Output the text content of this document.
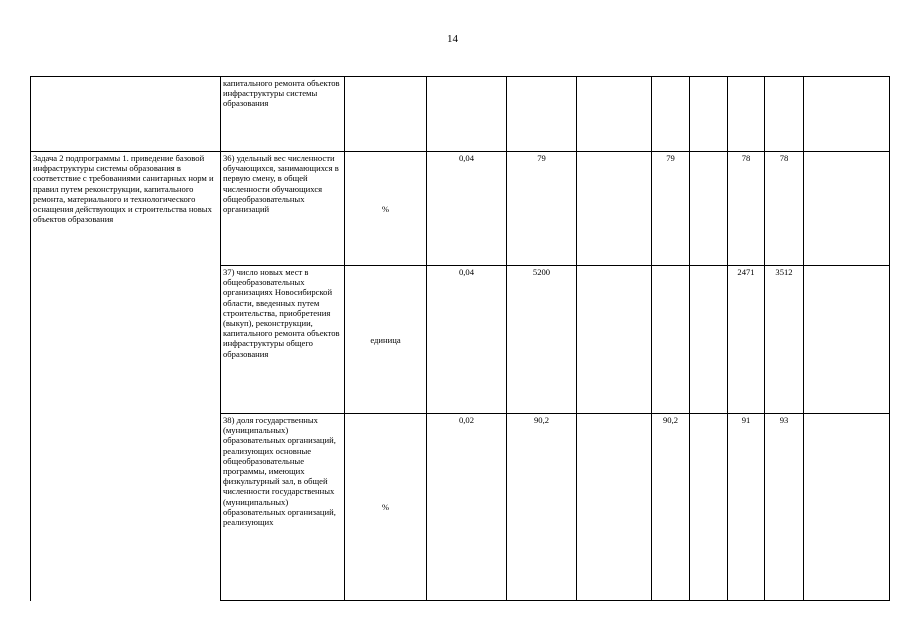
14
	капитального ремонта объектов инфраструктуры системы образования									
Задача 2 подпрограммы 1. приведение базовой инфраструктуры системы образования в соответствие с требованиями санитарных норм и правил путем реконструкции, капитального ремонта, материального и технологического оснащения действующих и строительства новых объектов образования	36) удельный вес численности обучающихся, занимающихся в первую смену, в общей численности обучающихся общеобразовательных организаций	%	0,04	79		79		78	78	
	37) число новых мест в общеобразовательных организациях Новосибирской области, введенных путем строительства, приобретения (выкуп), реконструкции, капитального ремонта объектов инфраструктуры общего образования	единица	0,04	5200				2471	3512	
	38) доля государственных (муниципальных) образовательных организаций, реализующих основные общеобразовательные программы, имеющих физкультурный зал, в общей численности государственных (муниципальных) образовательных организаций, реализующих	%	0,02	90,2		90,2		91	93	
